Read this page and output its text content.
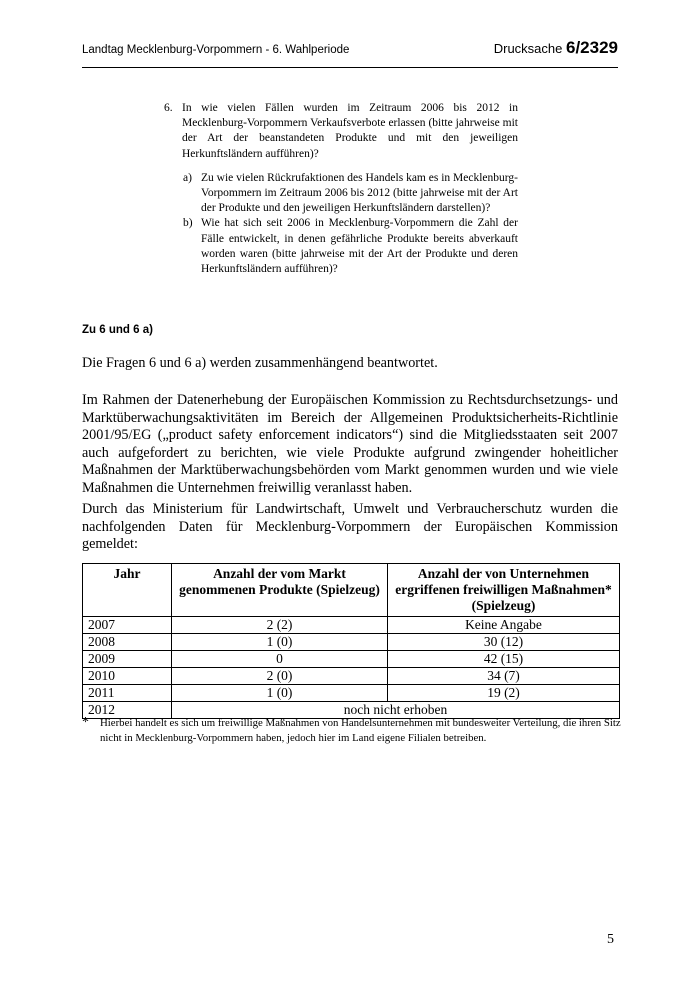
Landtag Mecklenburg-Vorpommern - 6. Wahlperiode	Drucksache 6/2329
6. In wie vielen Fällen wurden im Zeitraum 2006 bis 2012 in Mecklenburg-Vorpommern Verkaufsverbote erlassen (bitte jahrweise mit der Art der beanstandeten Produkte und mit den jeweiligen Herkunftsländern aufführen)?
a) Zu wie vielen Rückrufaktionen des Handels kam es in Mecklenburg-Vorpommern im Zeitraum 2006 bis 2012 (bitte jahrweise mit der Art der Produkte und den jeweiligen Herkunftsländern darstellen)?
b) Wie hat sich seit 2006 in Mecklenburg-Vorpommern die Zahl der Fälle entwickelt, in denen gefährliche Produkte bereits abverkauft worden waren (bitte jahrweise mit der Art der Produkte und deren Herkunftsländern aufführen)?
Zu 6 und 6 a)
Die Fragen 6 und 6 a) werden zusammenhängend beantwortet.
Im Rahmen der Datenerhebung der Europäischen Kommission zu Rechtsdurchsetzungs- und Marktüberwachungsaktivitäten im Bereich der Allgemeinen Produktsicherheits-Richtlinie 2001/95/EG („product safety enforcement indicators“) sind die Mitgliedsstaaten seit 2007 auch aufgefordert zu berichten, wie viele Produkte aufgrund zwingender hoheitlicher Maßnahmen der Marktüberwachungsbehörden vom Markt genommen wurden und wie viele Maßnahmen die Unternehmen freiwillig veranlasst haben.
Durch das Ministerium für Landwirtschaft, Umwelt und Verbraucherschutz wurden die nachfolgenden Daten für Mecklenburg-Vorpommern der Europäischen Kommission gemeldet:
Jahr	Anzahl der vom Markt genommenen Produkte (Spielzeug)	Anzahl der von Unternehmen ergriffenen freiwilligen Maßnahmen* (Spielzeug)
2007	2 (2)	Keine Angabe
2008	1 (0)	30 (12)
2009	0	42 (15)
2010	2 (0)	34 (7)
2011	1 (0)	19 (2)
2012	noch nicht erhoben	
*	Hierbei handelt es sich um freiwillige Maßnahmen von Handelsunternehmen mit bundesweiter Verteilung, die ihren Sitz nicht in Mecklenburg-Vorpommern haben, jedoch hier im Land eigene Filialen betreiben.
5
